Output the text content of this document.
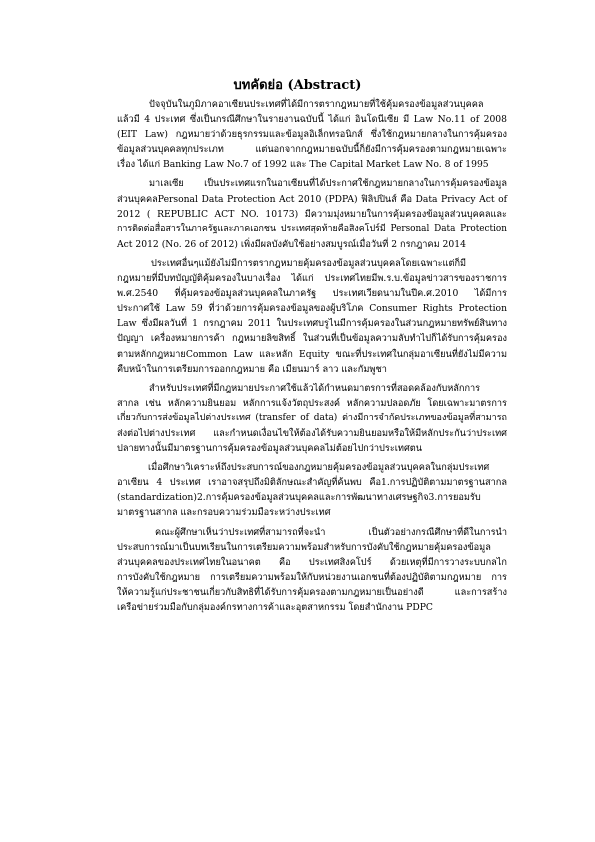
บทคัดย่อ (Abstract)
ปัจจุบันในภูมิภาคอาเซียนประเทศที่ได้มีการตรากฎหมายที่ใช้คุ้มครองข้อมูลส่วนบุคคล
แล้วมี 4 ประเทศ ซึ่งเป็นกรณีศึกษาในรายงานฉบับนี้ ได้แก่ อินโดนีเซีย มี Law No.11 of 2008
(EIT Law) กฎหมายว่าด้วยธุรกรรมและข้อมูลอิเล็กทรอนิกส์ ซึ่งใช้กฎหมายกลางในการคุ้มครอง
ข้อมูลส่วนบุคคลทุกประเภท แต่นอกจากกฎหมายฉบับนี้ก็ยังมีการคุ้มครองตามกฎหมายเฉพาะ
เรื่อง ได้แก่ Banking Law No.7 of 1992 และ The Capital Market Law No. 8 of 1995
มาเลเซีย เป็นประเทศแรกในอาเซียนที่ได้ประกาศใช้กฎหมายกลางในการคุ้มครองข้อมูล
ส่วนบุคคลPersonal Data Protection Act 2010 (PDPA) ฟิลิปปินส์ คือ Data Privacy Act of
2012 ( REPUBLIC ACT NO. 10173) มีความมุ่งหมายในการคุ้มครองข้อมูลส่วนบุคคลและ
การติดต่อสื่อสารในภาครัฐและภาคเอกชน ประเทศสุดท้ายคือสิงคโปร์มี Personal Data Protection
Act 2012 (No. 26 of 2012) เพิ่งมีผลบังคับใช้อย่างสมบูรณ์เมื่อวันที่ 2 กรกฎาคม 2014
ประเทศอื่นๆแม้ยังไม่มีการตรากฎหมายคุ้มครองข้อมูลส่วนบุคคลโดยเฉพาะแต่ก็มี
กฎหมายที่มีบทบัญญัติคุ้มครองในบางเรื่อง ได้แก่ ประเทศไทยมีพ.ร.บ.ข้อมูลข่าวสารของราชการ
พ.ศ.2540 ที่คุ้มครองข้อมูลส่วนบุคคลในภาครัฐ ประเทศเวียดนามในปีค.ศ.2010 ได้มีการ
ประกาศใช้ Law 59 ที่ว่าด้วยการคุ้มครองข้อมูลของผู้บริโภค Consumer Rights Protection
Law ซึ่งมีผลวันที่ 1 กรกฎาคม 2011 ในประเทศบรูไนมีการคุ้มครองในส่วนกฎหมายทรัพย์สินทาง
ปัญญา เครื่องหมายการค้า กฎหมายลิขสิทธิ์ ในส่วนที่เป็นข้อมูลความลับทำไปก็ได้รับการคุ้มครอง
ตามหลักกฎหมายCommon Law และหลัก Equity ขณะที่ประเทศในกลุ่มอาเซียนที่ยังไม่มีความ
คืบหน้าในการเตรียมการออกกฎหมาย คือ เมียนมาร์ ลาว และกัมพูชา
สำหรับประเทศที่มีกฎหมายประกาศใช้แล้วได้กำหนดมาตรการที่สอดคล้องกับหลักการ
สากล เช่น หลักความยินยอม หลักการแจ้งวัตถุประสงค์ หลักความปลอดภัย โดยเฉพาะมาตรการ
เกี่ยวกับการส่งข้อมูลไปต่างประเทศ (transfer of data) ต่างมีการจำกัดประเภทของข้อมูลที่สามารถ
ส่งต่อไปต่างประเทศ และกำหนดเงื่อนไขให้ต้องได้รับความยินยอมหรือให้มีหลักประกันว่าประเทศ
ปลายทางนั้นมีมาตรฐานการคุ้มครองข้อมูลส่วนบุคคลไม่ต้อยไปกว่าประเทศตน
เมื่อศึกษาวิเคราะห์ถึงประสบการณ์ของกฎหมายคุ้มครองข้อมูลส่วนบุคคลในกลุ่มประเทศ
อาเซียน 4 ประเทศ เราอาจสรุปถึงมิติลักษณะสำคัญที่ค้นพบ คือ1.การปฏิบัติตามมาตรฐานสากล
(standardization)2.การคุ้มครองข้อมูลส่วนบุคคลและการพัฒนาทางเศรษฐกิจ3.การยอมรับ
มาตรฐานสากล และกรอบความร่วมมือระหว่างประเทศ
คณะผู้ศึกษาเห็นว่าประเทศที่สามารถที่จะนำ เป็นตัวอย่างกรณีศึกษาที่ดีในการนำ
ประสบการณ์มาเป็นบทเรียนในการเตรียมความพร้อมสำหรับการบังคับใช้กฎหมายคุ้มครองข้อมูล
ส่วนบุคคลของประเทศไทยในอนาคต คือ ประเทศสิงคโปร์ ด้วยเหตุที่มีการวางระบบกลไก
การบังคับใช้กฎหมาย การเตรียมความพร้อมให้กับหน่วยงานเอกชนที่ต้องปฏิบัติตามกฎหมาย การ
ให้ความรู้แก่ประชาชนเกี่ยวกับสิทธิที่ได้รับการคุ้มครองตามกฎหมายเป็นอย่างดี และการสร้าง
เครือข่ายร่วมมือกับกลุ่มองค์กรทางการค้าและอุตสาหกรรม โดยสำนักงาน PDPC
